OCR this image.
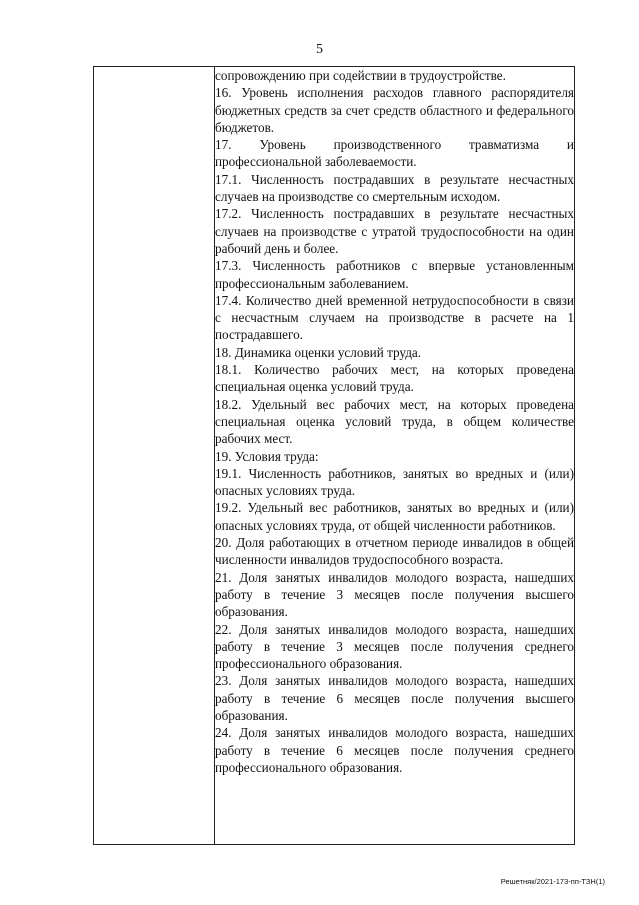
5

сопровождению при содействии в трудоустройстве.

16. Уровень исполнения расходов главного распорядителя бюджетных средств за счет средств областного и федерального бюджетов.

17. Уровень производственного травматизма и профессиональной заболеваемости.

17.1. Численность пострадавших в результате несчастных случаев на производстве со смертельным исходом.

17.2. Численность пострадавших в результате несчастных случаев на производстве с утратой трудоспособности на один рабочий день и более.

17.3. Численность работников с впервые установленным профессиональным заболеванием.

17.4. Количество дней временной нетрудоспособности в связи с несчастным случаем на производстве в расчете на 1 пострадавшего.

18. Динамика оценки условий труда.

18.1. Количество рабочих мест, на которых проведена специальная оценка условий труда.

18.2. Удельный вес рабочих мест, на которых проведена специальная оценка условий труда, в общем количестве рабочих мест.

19. Условия труда:

19.1. Численность работников, занятых во вредных и (или) опасных условиях труда.

19.2. Удельный вес работников, занятых во вредных и (или) опасных условиях труда, от общей численности работников.

20. Доля работающих в отчетном периоде инвалидов в общей численности инвалидов трудоспособного возраста.

21. Доля занятых инвалидов молодого возраста, нашедших работу в течение 3 месяцев после получения высшего образования.

22. Доля занятых инвалидов молодого возраста, нашедших работу в течение 3 месяцев после получения среднего профессионального образования.

23. Доля занятых инвалидов молодого возраста, нашедших работу в течение 6 месяцев после получения высшего образования.

24. Доля занятых инвалидов молодого возраста, нашедших работу в течение 6 месяцев после получения среднего профессионального образования.

Решетняк/2021-173-пп-ТЗН(1)
